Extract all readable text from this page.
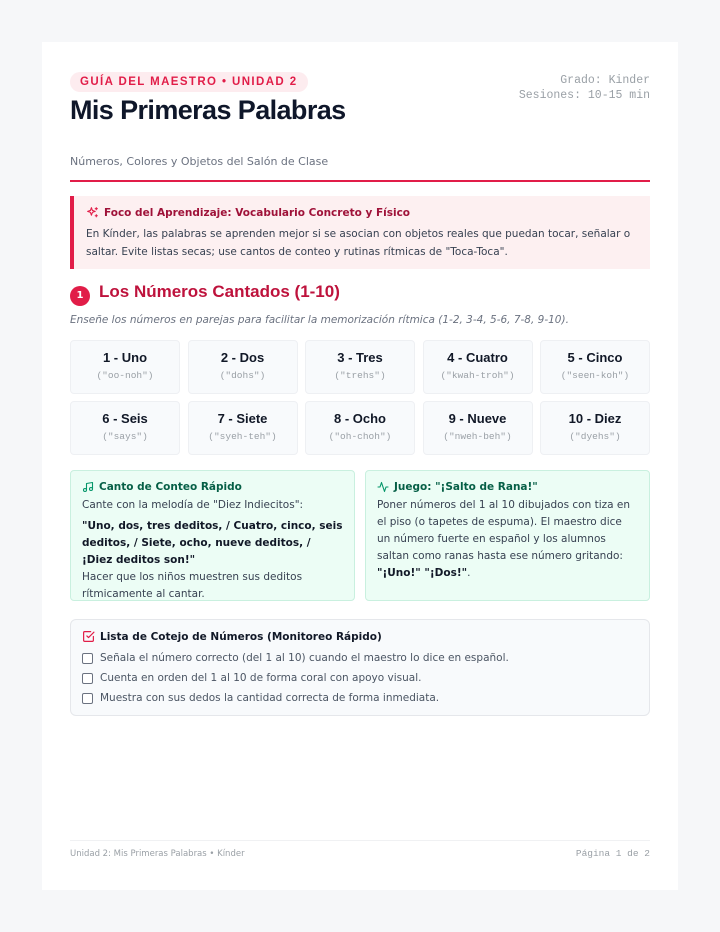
GUÍA DEL MAESTRO • UNIDAD 2	Grado: Kinder
Sesiones: 10-15 min
Mis Primeras Palabras
Números, Colores y Objetos del Salón de Clase
Foco del Aprendizaje: Vocabulario Concreto y Físico
En Kínder, las palabras se aprenden mejor si se asocian con objetos reales que puedan tocar, señalar o saltar. Evite listas secas; use cantos de conteo y rutinas rítmicas de "Toca-Toca".
1 Los Números Cantados (1-10)
Enseñe los números en parejas para facilitar la memorización rítmica (1-2, 3-4, 5-6, 7-8, 9-10).
1 - Uno
("oo-noh")
2 - Dos
("dohs")
3 - Tres
("trehs")
4 - Cuatro
("kwah-troh")
5 - Cinco
("seen-koh")
6 - Seis
("says")
7 - Siete
("syeh-teh")
8 - Ocho
("oh-choh")
9 - Nueve
("nweh-beh")
10 - Diez
("dyehs")
Canto de Conteo Rápido
Cante con la melodía de "Diez Indiecitos":
"Uno, dos, tres deditos, / Cuatro, cinco, seis deditos, / Siete, ocho, nueve deditos, / ¡Diez deditos son!"
Hacer que los niños muestren sus deditos rítmicamente al cantar.
Juego: "¡Salto de Rana!"
Poner números del 1 al 10 dibujados con tiza en el piso (o tapetes de espuma). El maestro dice un número fuerte en español y los alumnos saltan como ranas hasta ese número gritando: "¡Uno!" "¡Dos!".
Lista de Cotejo de Números (Monitoreo Rápido)
Señala el número correcto (del 1 al 10) cuando el maestro lo dice en español.
Cuenta en orden del 1 al 10 de forma coral con apoyo visual.
Muestra con sus dedos la cantidad correcta de forma inmediata.
Unidad 2: Mis Primeras Palabras • Kínder	Página 1 de 2
